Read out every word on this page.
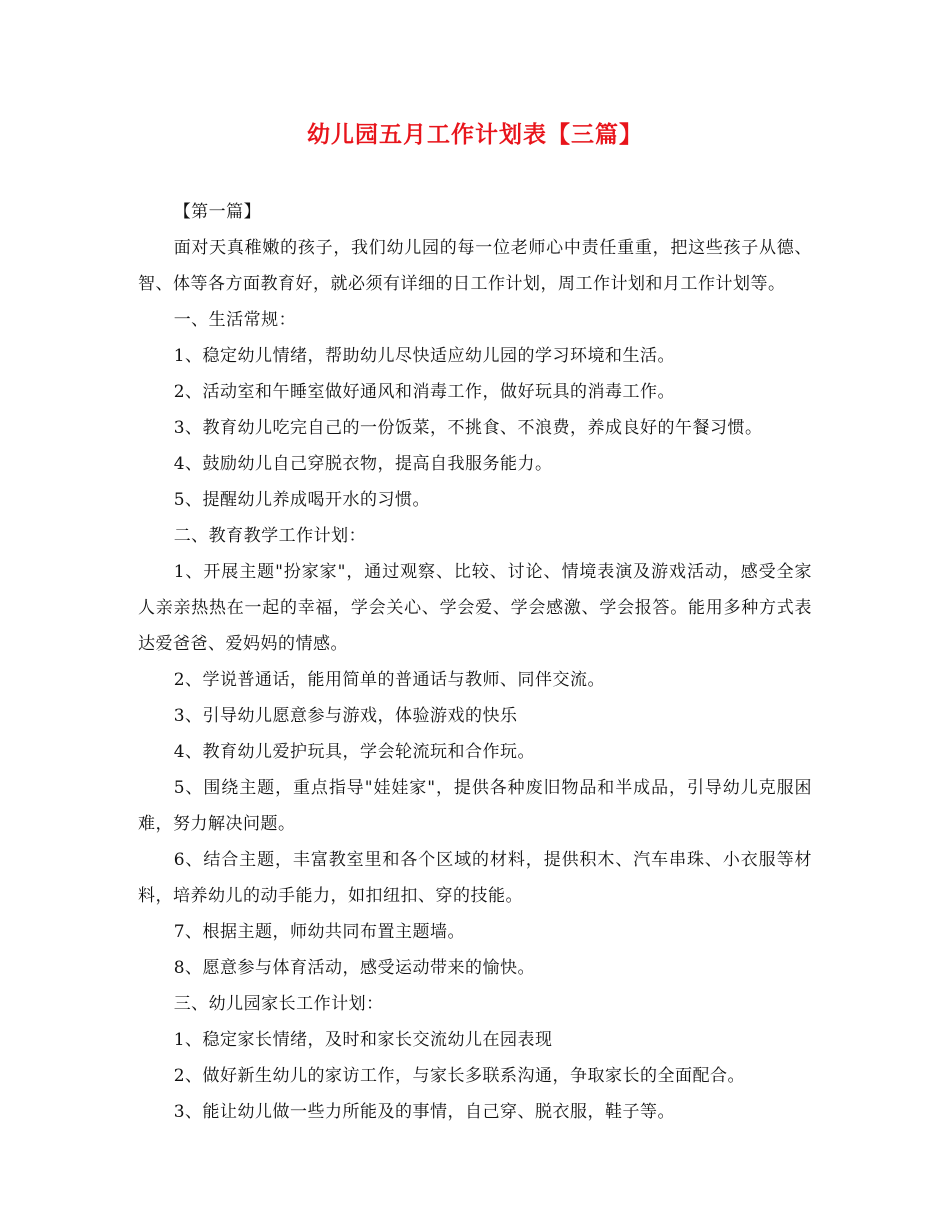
幼儿园五月工作计划表【三篇】

【第一篇】

面对天真稚嫩的孩子，我们幼儿园的每一位老师心中责任重重，把这些孩子从德、智、体等各方面教育好，就必须有详细的日工作计划，周工作计划和月工作计划等。

一、生活常规：

1、稳定幼儿情绪，帮助幼儿尽快适应幼儿园的学习环境和生活。

2、活动室和午睡室做好通风和消毒工作，做好玩具的消毒工作。

3、教育幼儿吃完自己的一份饭菜，不挑食、不浪费，养成良好的午餐习惯。

4、鼓励幼儿自己穿脱衣物，提高自我服务能力。

5、提醒幼儿养成喝开水的习惯。

二、教育教学工作计划：

1、开展主题"扮家家"，通过观察、比较、讨论、情境表演及游戏活动，感受全家人亲亲热热在一起的幸福，学会关心、学会爱、学会感激、学会报答。能用多种方式表达爱爸爸、爱妈妈的情感。

2、学说普通话，能用简单的普通话与教师、同伴交流。

3、引导幼儿愿意参与游戏，体验游戏的快乐

4、教育幼儿爱护玩具，学会轮流玩和合作玩。

5、围绕主题，重点指导"娃娃家"，提供各种废旧物品和半成品，引导幼儿克服困难，努力解决问题。

6、结合主题，丰富教室里和各个区域的材料，提供积木、汽车串珠、小衣服等材料，培养幼儿的动手能力，如扣纽扣、穿的技能。

7、根据主题，师幼共同布置主题墙。

8、愿意参与体育活动，感受运动带来的愉快。

三、幼儿园家长工作计划：

1、稳定家长情绪，及时和家长交流幼儿在园表现

2、做好新生幼儿的家访工作，与家长多联系沟通，争取家长的全面配合。

3、能让幼儿做一些力所能及的事情，自己穿、脱衣服，鞋子等。
